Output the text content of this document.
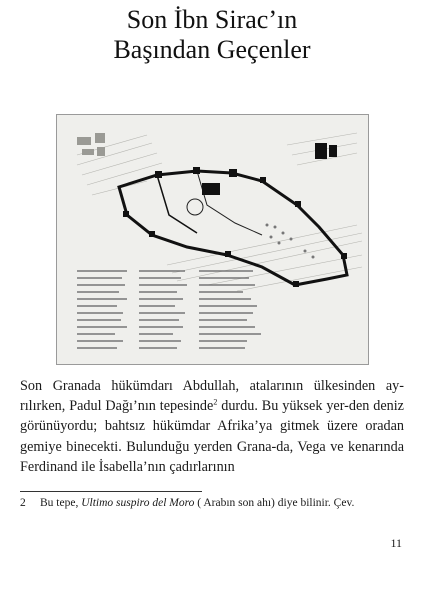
Son İbn Sirac’ın
Başından Geçenler

Son Granada hükümdarı Abdullah, atalarının ülkesinden ay-rılırken, Padul Dağı’nın tepesinde$^2$ durdu. Bu yüksek yer-den deniz görünüyordu; bahtsız hükümdar Afrika’ya gitmek üzere oradan gemiye binecekti. Bulunduğu yerden Grana-da, Vega ve kenarında Ferdinand ile İsabella’nın çadırlarının

2 Bu tepe, Ultimo suspiro del Moro ( Arabın son ahı) diye bilinir. Çev.
11
